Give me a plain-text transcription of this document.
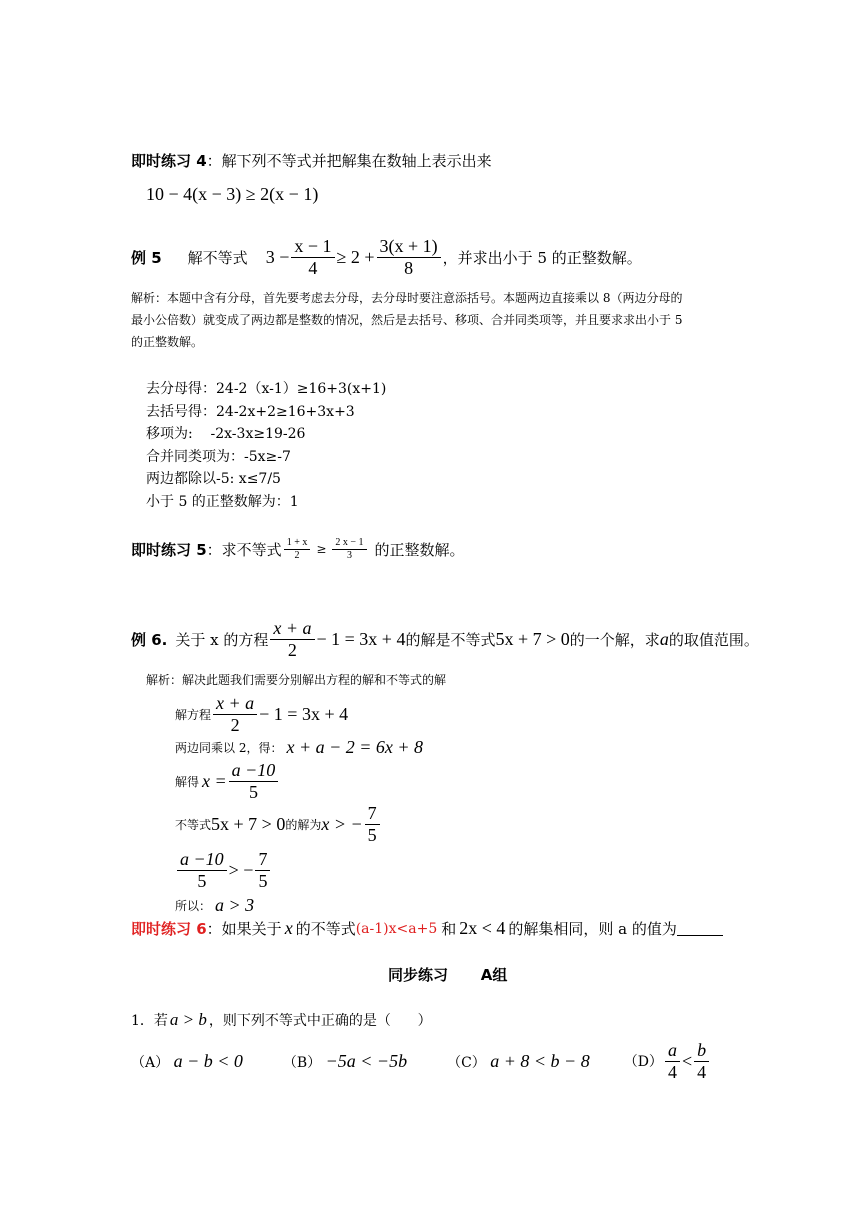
即时练习 4：解下列不等式并把解集在数轴上表示出来
10 − 4(x − 3) ≥ 2(x − 1)
例 5 解不等式 $3 - \frac{x - 1}{4} \ge 2 + \frac{3(x + 1)}{8}$ ，并求出小于 5 的正整数解。
解析：本题中含有分母，首先要考虑去分母，去分母时要注意添括号。本题两边直接乘以 8（两边分母的
最小公倍数）就变成了两边都是整数的情况，然后是去括号、移项、合并同类项等，并且要求求出小于 5
的正整数解。
去分母得：24-2（x-1）≥16+3(x+1)
去括号得：24-2x+2≥16+3x+3
移项为:    -2x-3x≥19-26
合并同类项为：-5x≥-7
两边都除以-5: x≤7/5
小于 5 的正整数解为：1
即时练习 5 ：求不等式 $\frac{1 + x}{2} \ge \frac{2 x - 1}{3}$ 的正整数解。
例 6. 关于 x 的方程 $\frac{x + a}{2} - 1 = 3x + 4$ 的解是不等式 5x + 7 > 0 的一个解，求 a 的取值范围。
解析：解决此题我们需要分别解出方程的解和不等式的解
解方程 $\frac{x + a}{2} - 1 = 3x + 4$
两边同乘以 2，得： x + a − 2 = 6x + 8
解得 $x = \frac{a -10}{5}$
不等式 5x + 7 > 0 的解为 x > − $\frac{7}{5}$
$\frac{a -10}{5}$ > − $\frac{7}{5}$
所以： a > 3
即时练习 6 ：如果关于 x 的不等式 (a-1)x<a+5 和 2x < 4 的解集相同，则 a 的值为
同步练习 A组
1．若 a > b ，则下列不等式中正确的是（      ）
（A） a − b < 0	（B） −5a < −5b	（C） a + 8 < b − 8 $(D) \frac{a}{4} < \frac{b}{4}$
